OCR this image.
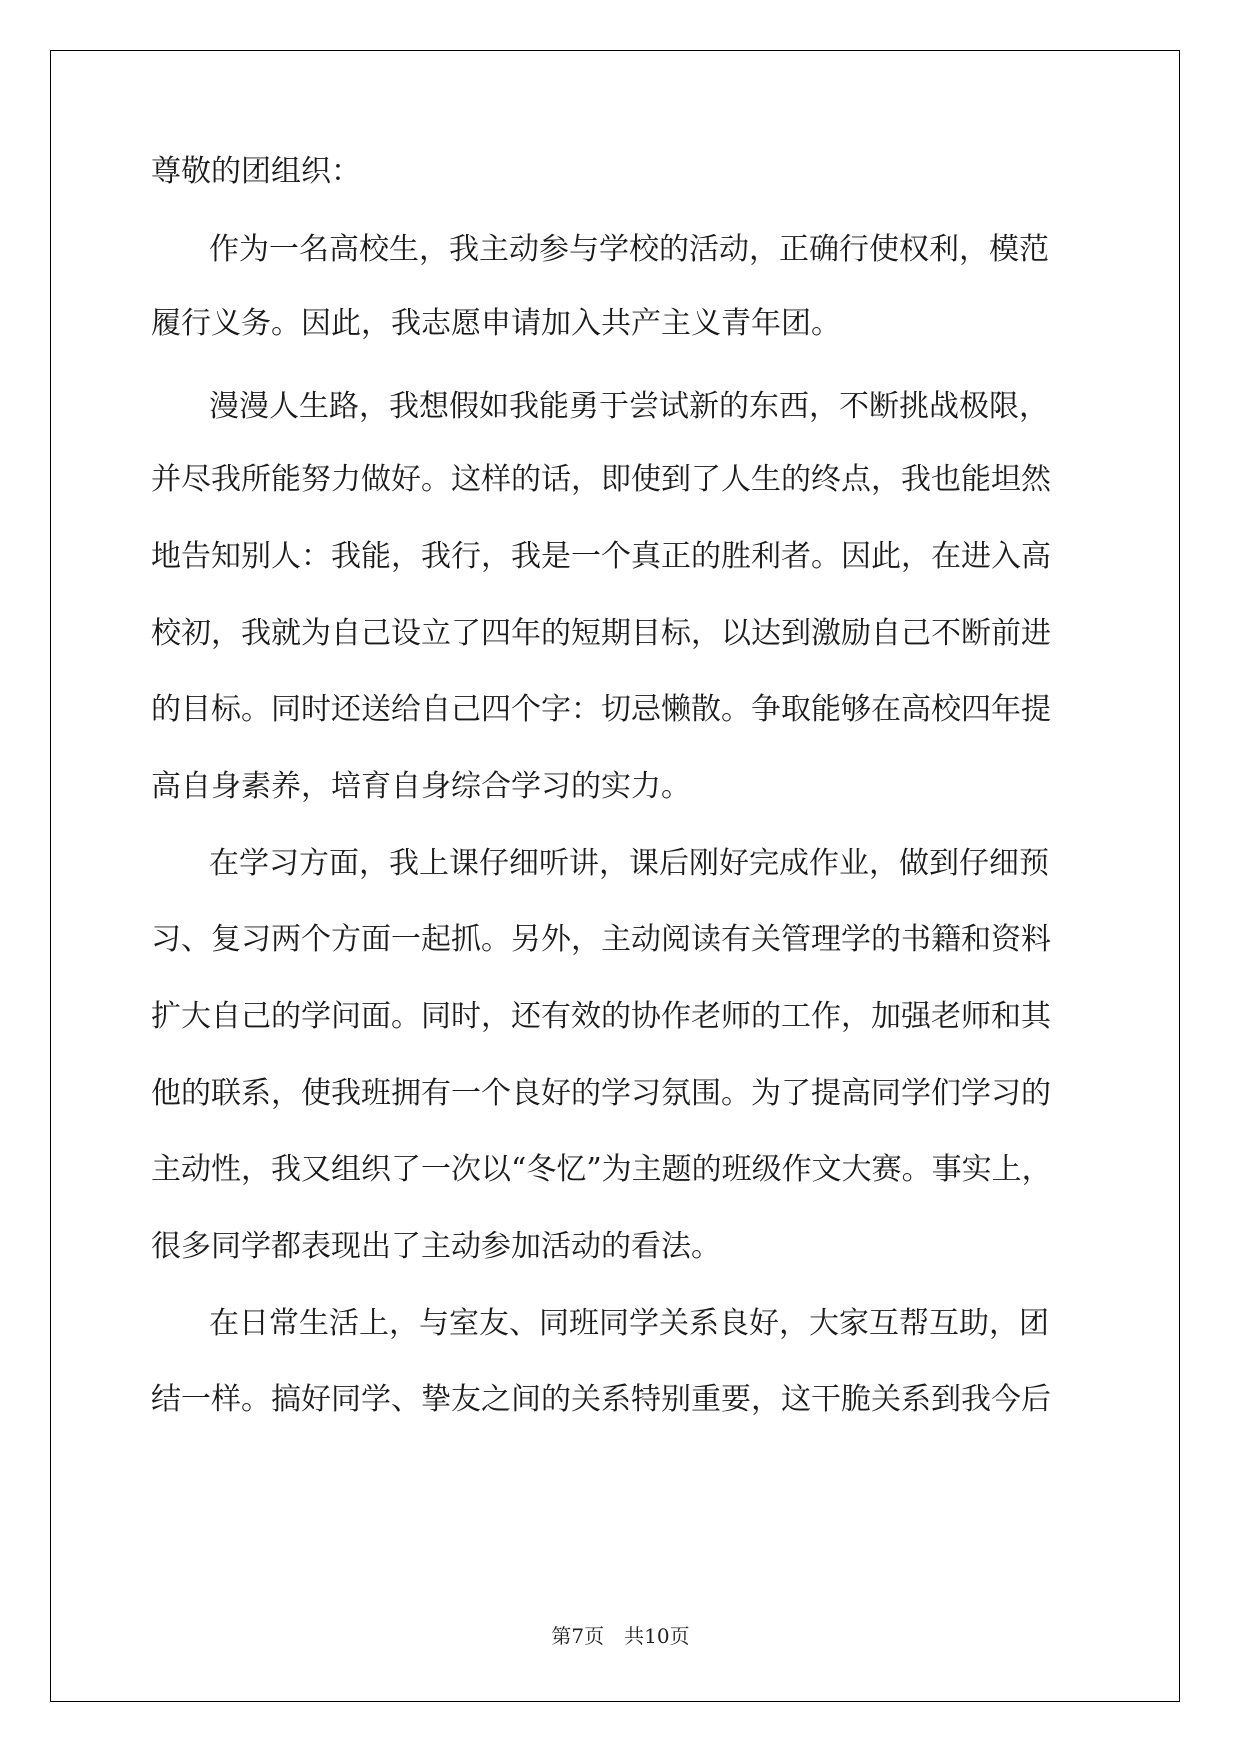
尊敬的团组织：
作为一名高校生，我主动参与学校的活动，正确行使权利，模范
履行义务。因此，我志愿申请加入共产主义青年团。
漫漫人生路，我想假如我能勇于尝试新的东西，不断挑战极限，
并尽我所能努力做好。这样的话，即使到了人生的终点，我也能坦然
地告知别人：我能，我行，我是一个真正的胜利者。因此，在进入高
校初，我就为自己设立了四年的短期目标，以达到激励自己不断前进
的目标。同时还送给自己四个字：切忌懒散。争取能够在高校四年提
高自身素养，培育自身综合学习的实力。
在学习方面，我上课仔细听讲，课后刚好完成作业，做到仔细预
习、复习两个方面一起抓。另外，主动阅读有关管理学的书籍和资料
扩大自己的学问面。同时，还有效的协作老师的工作，加强老师和其
他的联系，使我班拥有一个良好的学习氛围。为了提高同学们学习的
主动性，我又组织了一次以“冬忆”为主题的班级作文大赛。事实上，
很多同学都表现出了主动参加活动的看法。
在日常生活上，与室友、同班同学关系良好，大家互帮互助，团
结一样。搞好同学、挚友之间的关系特别重要，这干脆关系到我今后
第7页　共10页
